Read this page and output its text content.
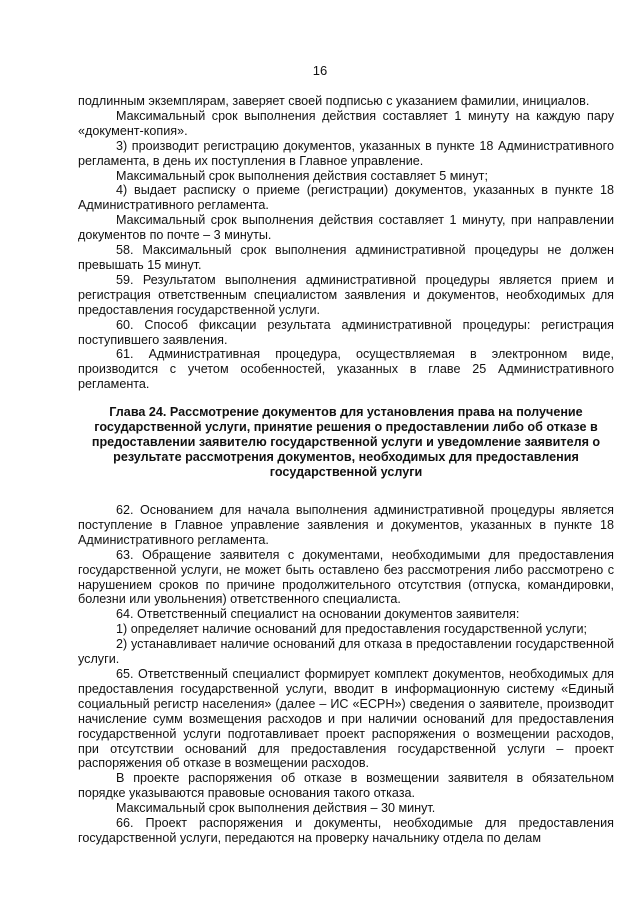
16

подлинным экземплярам, заверяет своей подписью с указанием фамилии, инициалов.

Максимальный срок выполнения действия составляет 1 минуту на каждую пару «документ-копия».

3) производит регистрацию документов, указанных в пункте 18 Административного регламента, в день их поступления в Главное управление.

Максимальный срок выполнения действия составляет 5 минут;

4) выдает расписку о приеме (регистрации) документов, указанных в пункте 18 Административного регламента.

Максимальный срок выполнения действия составляет 1 минуту, при направлении документов по почте – 3 минуты.

58. Максимальный срок выполнения административной процедуры не должен превышать 15 минут.

59. Результатом выполнения административной процедуры является прием и регистрация ответственным специалистом заявления и документов, необходимых для предоставления государственной услуги.

60. Способ фиксации результата административной процедуры: регистрация поступившего заявления.

61. Административная процедура, осуществляемая в электронном виде, производится с учетом особенностей, указанных в главе 25 Административного регламента.

Глава 24. Рассмотрение документов для установления права на получение государственной услуги, принятие решения о предоставлении либо об отказе в предоставлении заявителю государственной услуги и уведомление заявителя о результате рассмотрения документов, необходимых для предоставления государственной услуги

62. Основанием для начала выполнения административной процедуры является поступление в Главное управление заявления и документов, указанных в пункте 18 Административного регламента.

63. Обращение заявителя с документами, необходимыми для предоставления государственной услуги, не может быть оставлено без рассмотрения либо рассмотрено с нарушением сроков по причине продолжительного отсутствия (отпуска, командировки, болезни или увольнения) ответственного специалиста.

64. Ответственный специалист на основании документов заявителя:

1) определяет наличие оснований для предоставления государственной услуги;

2) устанавливает наличие оснований для отказа в предоставлении государственной услуги.

65. Ответственный специалист формирует комплект документов, необходимых для предоставления государственной услуги, вводит в информационную систему «Единый социальный регистр населения» (далее – ИС «ЕСРН») сведения о заявителе, производит начисление сумм возмещения расходов и при наличии оснований для предоставления государственной услуги подготавливает проект распоряжения о возмещении расходов, при отсутствии оснований для предоставления государственной услуги – проект распоряжения об отказе в возмещении расходов.

В проекте распоряжения об отказе в возмещении заявителя в обязательном порядке указываются правовые основания такого отказа.

Максимальный срок выполнения действия – 30 минут.

66. Проект распоряжения и документы, необходимые для предоставления государственной услуги, передаются на проверку начальнику отдела по делам
